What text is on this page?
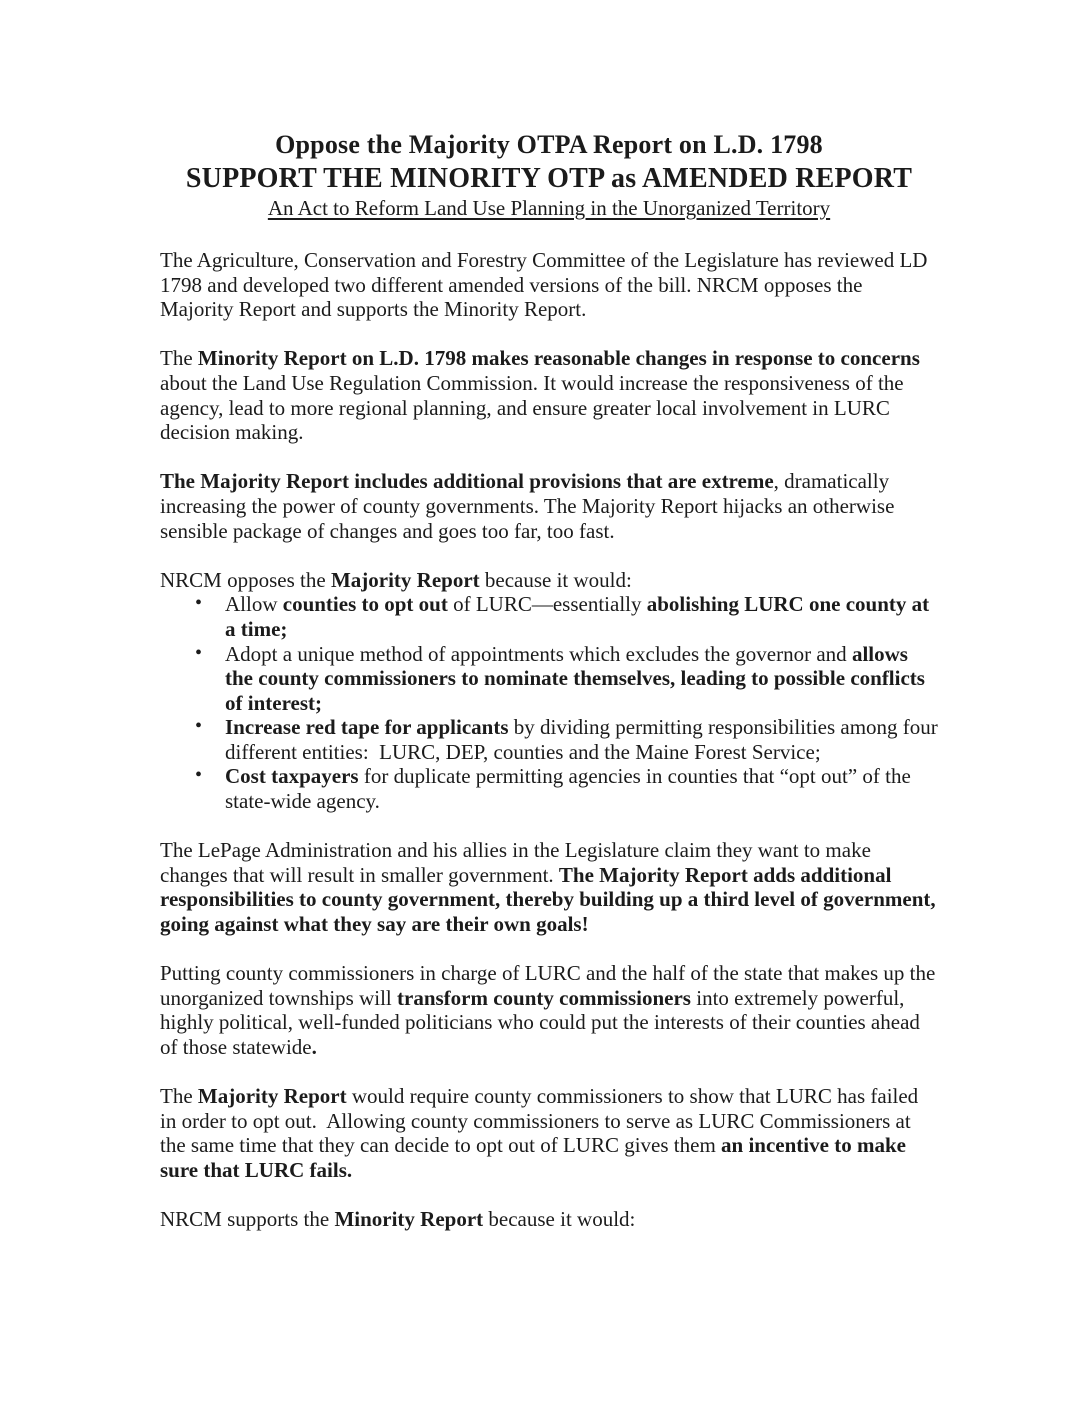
Oppose the Majority OTPA Report on L.D. 1798
SUPPORT THE MINORITY OTP as AMENDED REPORT
An Act to Reform Land Use Planning in the Unorganized Territory

The Agriculture, Conservation and Forestry Committee of the Legislature has reviewed LD 1798 and developed two different amended versions of the bill. NRCM opposes the Majority Report and supports the Minority Report.

The Minority Report on L.D. 1798 makes reasonable changes in response to concerns about the Land Use Regulation Commission. It would increase the responsiveness of the agency, lead to more regional planning, and ensure greater local involvement in LURC decision making.

The Majority Report includes additional provisions that are extreme, dramatically increasing the power of county governments. The Majority Report hijacks an otherwise sensible package of changes and goes too far, too fast.

NRCM opposes the Majority Report because it would:

• Allow counties to opt out of LURC—essentially abolishing LURC one county at a time;
• Adopt a unique method of appointments which excludes the governor and allows the county commissioners to nominate themselves, leading to possible conflicts of interest;
• Increase red tape for applicants by dividing permitting responsibilities among four different entities:  LURC, DEP, counties and the Maine Forest Service;
• Cost taxpayers for duplicate permitting agencies in counties that “opt out” of the state-wide agency.

The LePage Administration and his allies in the Legislature claim they want to make changes that will result in smaller government. The Majority Report adds additional responsibilities to county government, thereby building up a third level of government, going against what they say are their own goals!

Putting county commissioners in charge of LURC and the half of the state that makes up the unorganized townships will transform county commissioners into extremely powerful, highly political, well-funded politicians who could put the interests of their counties ahead of those statewide.

The Majority Report would require county commissioners to show that LURC has failed in order to opt out.  Allowing county commissioners to serve as LURC Commissioners at the same time that they can decide to opt out of LURC gives them an incentive to make sure that LURC fails.

NRCM supports the Minority Report because it would:
